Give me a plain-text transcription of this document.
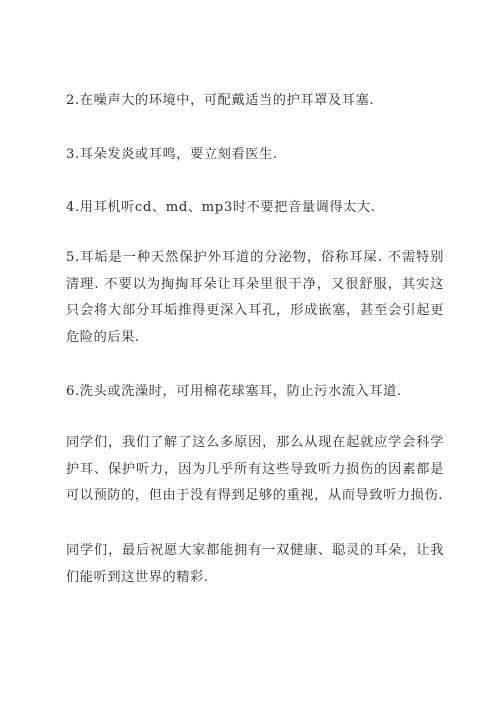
2.在噪声大的环境中，可配戴适当的护耳罩及耳塞.

3.耳朵发炎或耳鸣，要立刻看医生.

4.用耳机听cd、md、mp3时不要把音量调得太大.

5.耳垢是一种天然保护外耳道的分泌物，俗称耳屎. 不需特别清理. 不要以为掏掏耳朵让耳朵里很干净，又很舒服，其实这只会将大部分耳垢推得更深入耳孔，形成嵌塞，甚至会引起更危险的后果.

6.洗头或洗澡时，可用棉花球塞耳，防止污水流入耳道.

同学们，我们了解了这么多原因，那么从现在起就应学会科学护耳、保护听力，因为几乎所有这些导致听力损伤的因素都是可以预防的，但由于没有得到足够的重视，从而导致听力损伤.

同学们，最后祝愿大家都能拥有一双健康、聪灵的耳朵，让我们能听到这世界的精彩.
